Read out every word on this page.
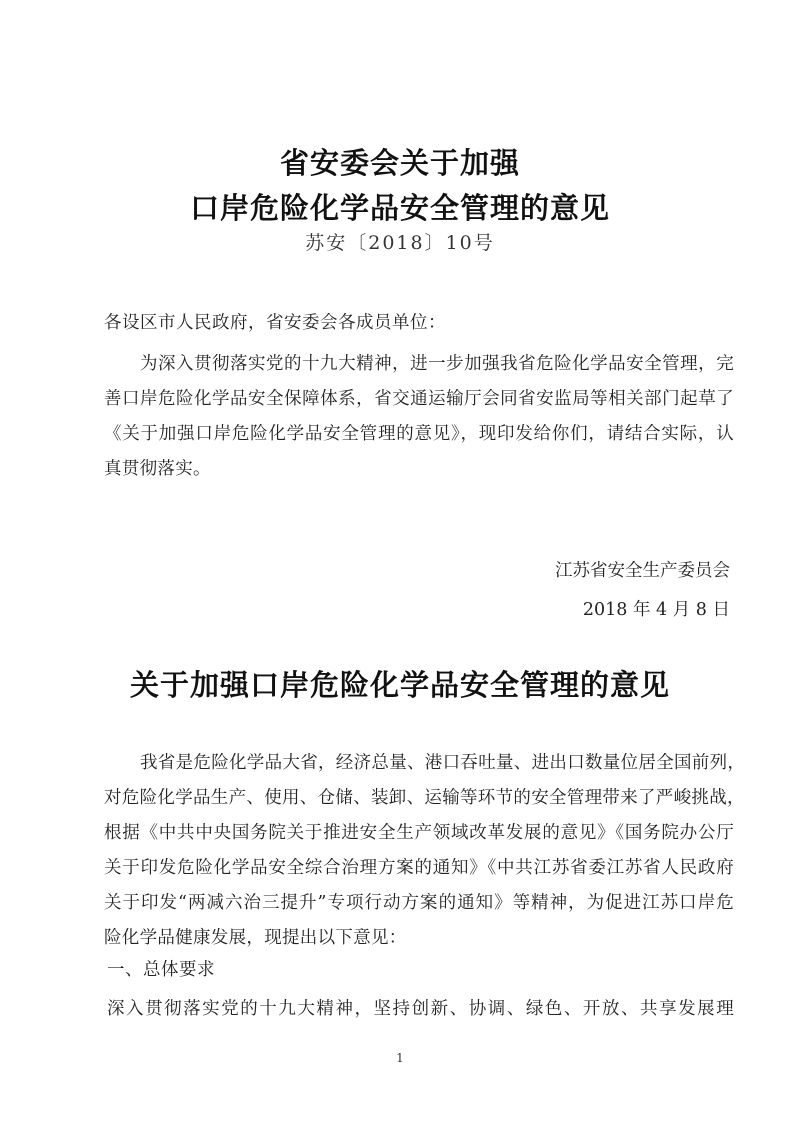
省安委会关于加强
口岸危险化学品安全管理的意见
苏安〔2018〕10号
各设区市人民政府，省安委会各成员单位：
为深入贯彻落实党的十九大精神，进一步加强我省危险化学品安全管理，完
善口岸危险化学品安全保障体系，省交通运输厅会同省安监局等相关部门起草了
《关于加强口岸危险化学品安全管理的意见》，现印发给你们，请结合实际，认
真贯彻落实。
江苏省安全生产委员会
2018 年 4 月 8 日
关于加强口岸危险化学品安全管理的意见
我省是危险化学品大省，经济总量、港口吞吐量、进出口数量位居全国前列，
对危险化学品生产、使用、仓储、装卸、运输等环节的安全管理带来了严峻挑战，
根据《中共中央国务院关于推进安全生产领域改革发展的意见》《国务院办公厅
关于印发危险化学品安全综合治理方案的通知》《中共江苏省委江苏省人民政府
关于印发“两减六治三提升”专项行动方案的通知》等精神，为促进江苏口岸危
险化学品健康发展，现提出以下意见：
一、总体要求
深入贯彻落实党的十九大精神，坚持创新、协调、绿色、开放、共享发展理
1
